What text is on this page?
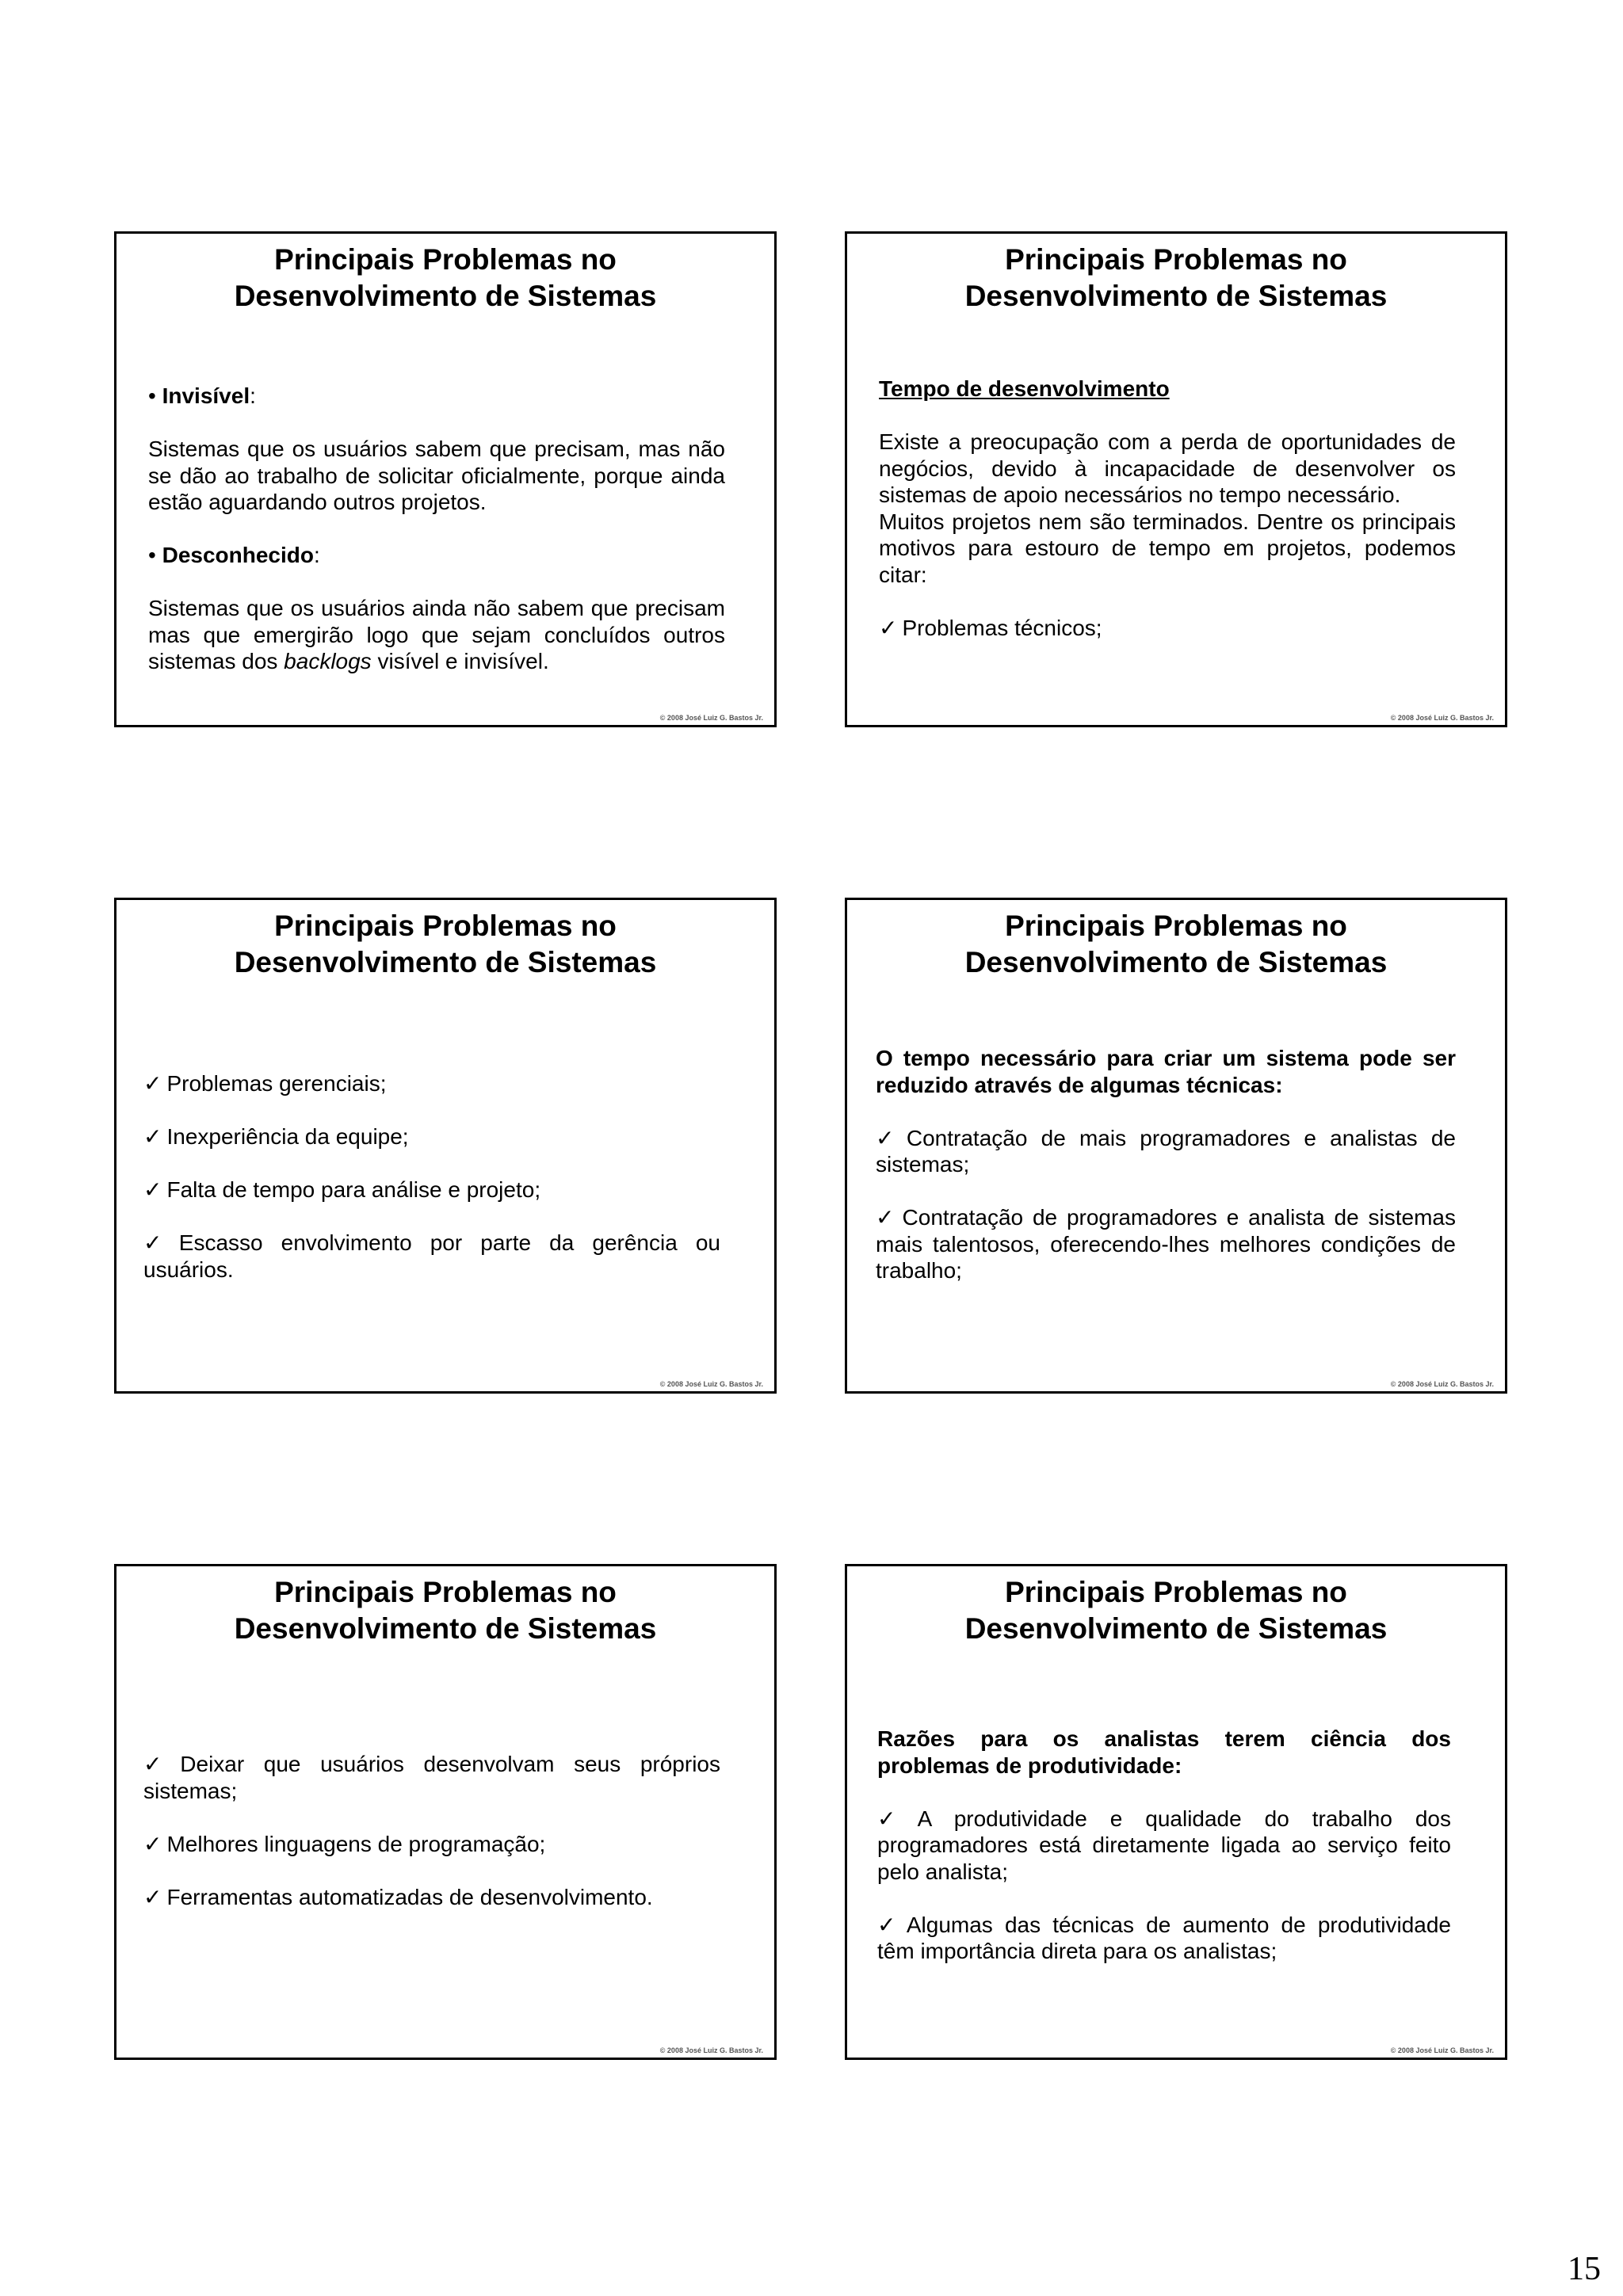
Principais Problemas no
Desenvolvimento de Sistemas

• Invisível:

Sistemas que os usuários sabem que precisam, mas não se dão ao trabalho de solicitar oficialmente, porque ainda estão aguardando outros projetos.

• Desconhecido:

Sistemas que os usuários ainda não sabem que precisam mas que emergirão logo que sejam concluídos outros sistemas dos backlogs visível e invisível.

© 2008 José Luiz G. Bastos Jr.
Principais Problemas no
Desenvolvimento de Sistemas

Tempo de desenvolvimento

Existe a preocupação com a perda de oportunidades de negócios, devido à incapacidade de desenvolver os sistemas de apoio necessários no tempo necessário.

Muitos projetos nem são terminados. Dentre os principais motivos para estouro de tempo em projetos, podemos citar:

✓ Problemas técnicos;

© 2008 José Luiz G. Bastos Jr.
Principais Problemas no
Desenvolvimento de Sistemas

✓ Problemas gerenciais;

✓ Inexperiência da equipe;

✓ Falta de tempo para análise e projeto;

✓ Escasso envolvimento por parte da gerência ou usuários.

© 2008 José Luiz G. Bastos Jr.
Principais Problemas no
Desenvolvimento de Sistemas

O tempo necessário para criar um sistema pode ser reduzido através de algumas técnicas:

✓ Contratação de mais programadores e analistas de sistemas;

✓ Contratação de programadores e analista de sistemas mais talentosos, oferecendo-lhes melhores condições de trabalho;

© 2008 José Luiz G. Bastos Jr.
Principais Problemas no
Desenvolvimento de Sistemas

✓ Deixar que usuários desenvolvam seus próprios sistemas;

✓ Melhores linguagens de programação;

✓ Ferramentas automatizadas de desenvolvimento.

© 2008 José Luiz G. Bastos Jr.
Principais Problemas no
Desenvolvimento de Sistemas

Razões para os analistas terem ciência dos problemas de produtividade:

✓ A produtividade e qualidade do trabalho dos programadores está diretamente ligada ao serviço feito pelo analista;

✓ Algumas das técnicas de aumento de produtividade têm importância direta para os analistas;

© 2008 José Luiz G. Bastos Jr.
15
